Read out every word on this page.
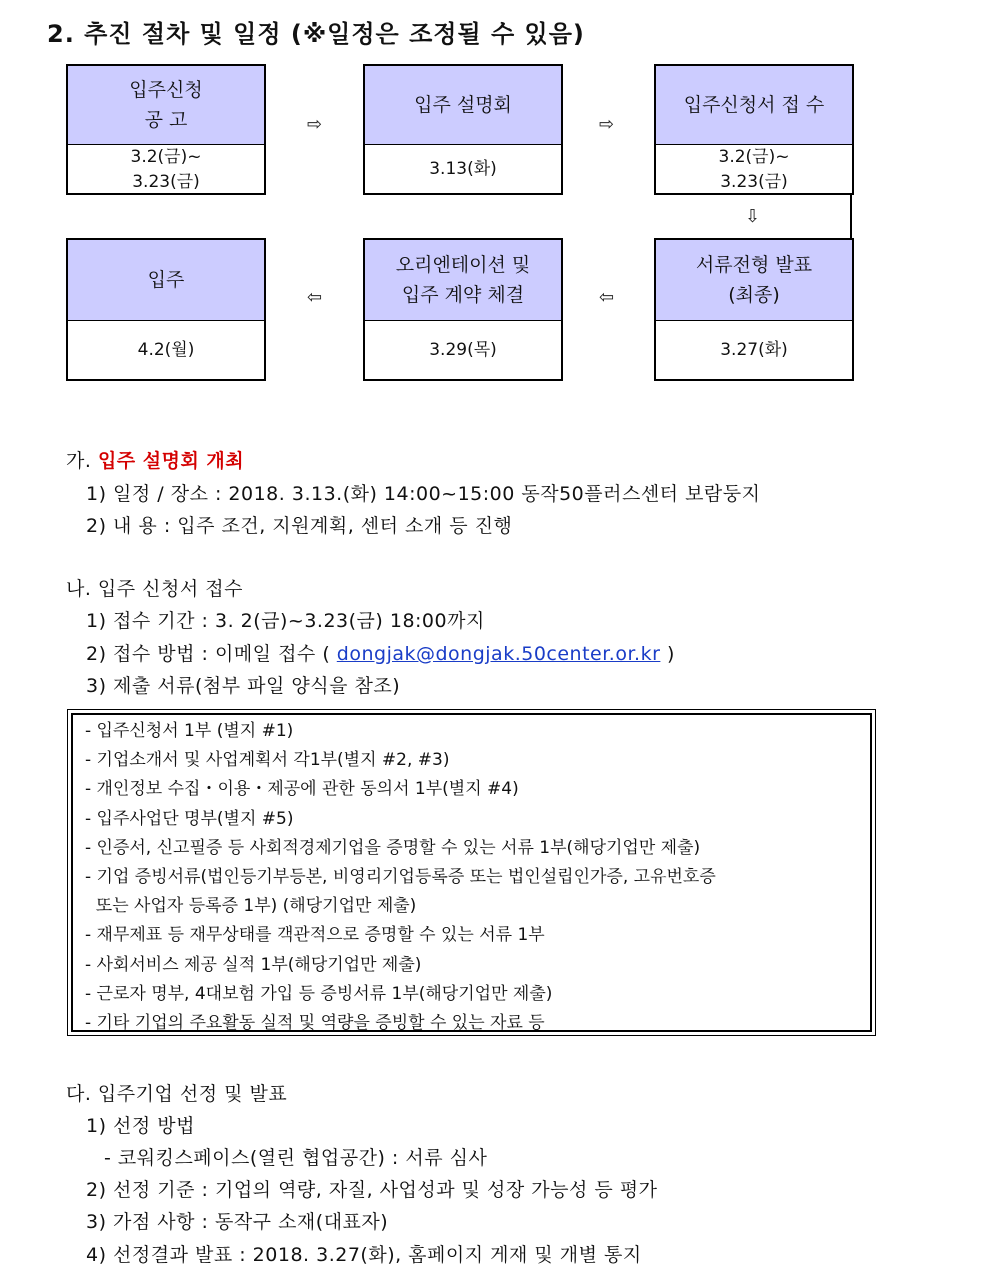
2. 추진 절차 및 일정 (※일정은 조정될 수 있음)
입주신청
공 고
3.2(금)~
3.23(금)
⇨
입주 설명회
3.13(화)
⇨
입주신청서 접 수
3.2(금)~
3.23(금)
⇩
입주
4.2(월)
⇦
오리엔테이션 및
입주 계약 체결
3.29(목)
⇦
서류전형 발표
(최종)
3.27(화)
가. 입주 설명회 개최
1) 일정 / 장소 : 2018. 3.13.(화) 14:00~15:00 동작50플러스센터 보람둥지
2) 내 용 : 입주 조건, 지원계획, 센터 소개 등 진행
나. 입주 신청서 접수
1) 접수 기간 : 3. 2(금)~3.23(금) 18:00까지
2) 접수 방법 : 이메일 접수 ( dongjak@dongjak.50center.or.kr )
3) 제출 서류(첨부 파일 양식을 참조)
- 입주신청서 1부 (별지 #1)
- 기업소개서 및 사업계획서 각1부(별지 #2, #3)
- 개인정보 수집・이용・제공에 관한 동의서 1부(별지 #4)
- 입주사업단 명부(별지 #5)
- 인증서, 신고필증 등 사회적경제기업을 증명할 수 있는 서류 1부(해당기업만 제출)
- 기업 증빙서류(법인등기부등본, 비영리기업등록증 또는 법인설립인가증, 고유번호증
또는 사업자 등록증 1부) (해당기업만 제출)
- 재무제표 등 재무상태를 객관적으로 증명할 수 있는 서류 1부
- 사회서비스 제공 실적 1부(해당기업만 제출)
- 근로자 명부, 4대보험 가입 등 증빙서류 1부(해당기업만 제출)
- 기타 기업의 주요활동 실적 및 역량을 증빙할 수 있는 자료 등
다. 입주기업 선정 및 발표
1) 선정 방법
- 코워킹스페이스(열린 협업공간) : 서류 심사
2) 선정 기준 : 기업의 역량, 자질, 사업성과 및 성장 가능성 등 평가
3) 가점 사항 : 동작구 소재(대표자)
4) 선정결과 발표 : 2018. 3.27(화), 홈페이지 게재 및 개별 통지
